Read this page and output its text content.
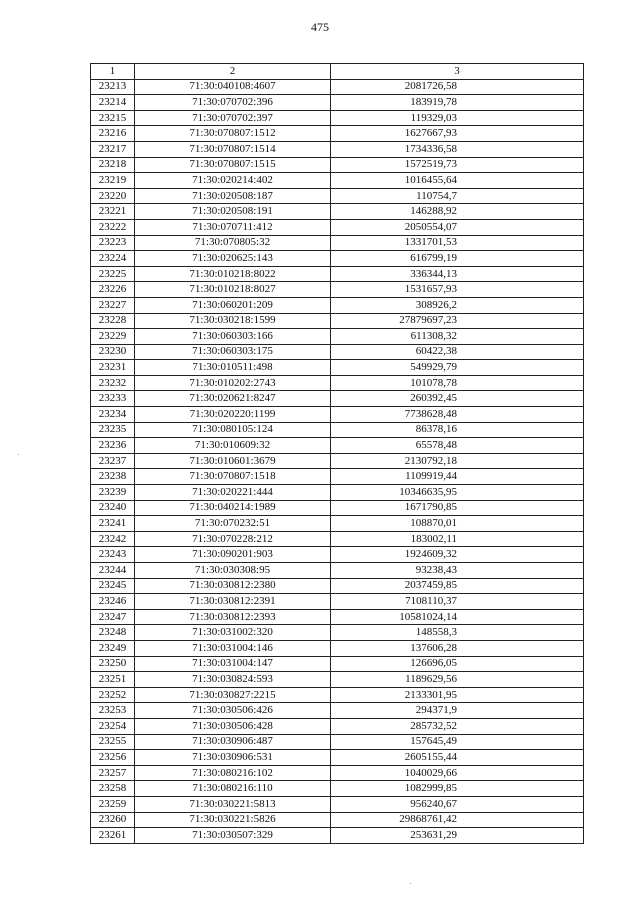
475
1	2	3
23213	71:30:040108:4607	2081726,58
23214	71:30:070702:396	183919,78
23215	71:30:070702:397	119329,03
23216	71:30:070807:1512	1627667,93
23217	71:30:070807:1514	1734336,58
23218	71:30:070807:1515	1572519,73
23219	71:30:020214:402	1016455,64
23220	71:30:020508:187	110754,7
23221	71:30:020508:191	146288,92
23222	71:30:070711:412	2050554,07
23223	71:30:070805:32	1331701,53
23224	71:30:020625:143	616799,19
23225	71:30:010218:8022	336344,13
23226	71:30:010218:8027	1531657,93
23227	71:30:060201:209	308926,2
23228	71:30:030218:1599	27879697,23
23229	71:30:060303:166	611308,32
23230	71:30:060303:175	60422,38
23231	71:30:010511:498	549929,79
23232	71:30:010202:2743	101078,78
23233	71:30:020621:8247	260392,45
23234	71:30:020220:1199	7738628,48
23235	71:30:080105:124	86378,16
23236	71:30:010609:32	65578,48
23237	71:30:010601:3679	2130792,18
23238	71:30:070807:1518	1109919,44
23239	71:30:020221:444	10346635,95
23240	71:30:040214:1989	1671790,85
23241	71:30:070232:51	108870,01
23242	71:30:070228:212	183002,11
23243	71:30:090201:903	1924609,32
23244	71:30:030308:95	93238,43
23245	71:30:030812:2380	2037459,85
23246	71:30:030812:2391	7108110,37
23247	71:30:030812:2393	10581024,14
23248	71:30:031002:320	148558,3
23249	71:30:031004:146	137606,28
23250	71:30:031004:147	126696,05
23251	71:30:030824:593	1189629,56
23252	71:30:030827:2215	2133301,95
23253	71:30:030506:426	294371,9
23254	71:30:030506:428	285732,52
23255	71:30:030906:487	157645,49
23256	71:30:030906:531	2605155,44
23257	71:30:080216:102	1040029,66
23258	71:30:080216:110	1082999,85
23259	71:30:030221:5813	956240,67
23260	71:30:030221:5826	29868761,42
23261	71:30:030507:329	253631,29
